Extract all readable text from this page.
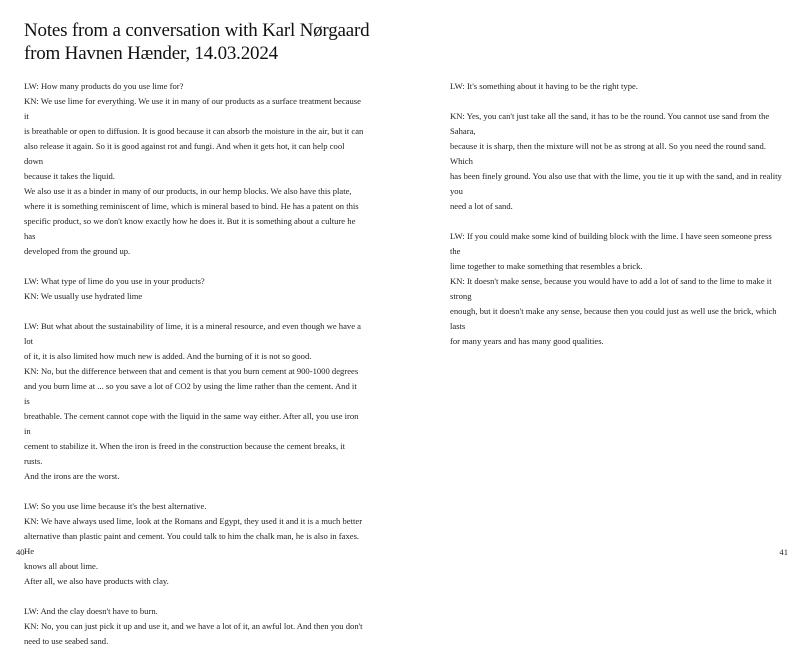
Notes from a conversation with Karl Nørgaard from Havnen Hænder, 14.03.2024
LW: How many products do you use lime for?
KN: We use lime for everything. We use it in many of our products as a surface treatment because it
is breathable or open to diffusion. It is good because it can absorb the moisture in the air, but it can
also release it again. So it is good against rot and fungi. And when it gets hot, it can help cool down
because it takes the liquid.
We also use it as a binder in many of our products, in our hemp blocks. We also have this plate,
where it is something reminiscent of lime, which is mineral based to bind. He has a patent on this
specific product, so we don't know exactly how he does it. But it is something about a culture he has
developed from the ground up.
LW: What type of lime do you use in your products?
KN: We usually use hydrated lime
LW: But what about the sustainability of lime, it is a mineral resource, and even though we have a lot
of it, it is also limited how much new is added. And the burning of it is not so good.
KN: No, but the difference between that and cement is that you burn cement at 900-1000 degrees
and you burn lime at ... so you save a lot of CO2 by using the lime rather than the cement. And it is
breathable. The cement cannot cope with the liquid in the same way either. After all, you use iron in
cement to stabilize it. When the iron is freed in the construction because the cement breaks, it rusts.
And the irons are the worst.
LW: So you use lime because it's the best alternative.
KN: We have always used lime, look at the Romans and Egypt, they used it and it is a much better
alternative than plastic paint and cement. You could talk to him the chalk man, he is also in faxes. He
knows all about lime.
After all, we also have products with clay.
LW: And the clay doesn't have to burn.
KN: No, you can just pick it up and use it, and we have a lot of it, an awful lot. And then you don't
need to use seabed sand.
LW: It's something about it having to be the right type.
KN: Yes, you can't just take all the sand, it has to be the round. You cannot use sand from the Sahara,
because it is sharp, then the mixture will not be as strong at all. So you need the round sand. Which
has been finely ground. You also use that with the lime, you tie it up with the sand, and in reality you
need a lot of sand.
LW: If you could make some kind of building block with the lime. I have seen someone press the
lime together to make something that resembles a brick.
KN: It doesn't make sense, because you would have to add a lot of sand to the lime to make it strong
enough, but it doesn't make any sense, because then you could just as well use the brick, which lasts
for many years and has many good qualities.
40	41
